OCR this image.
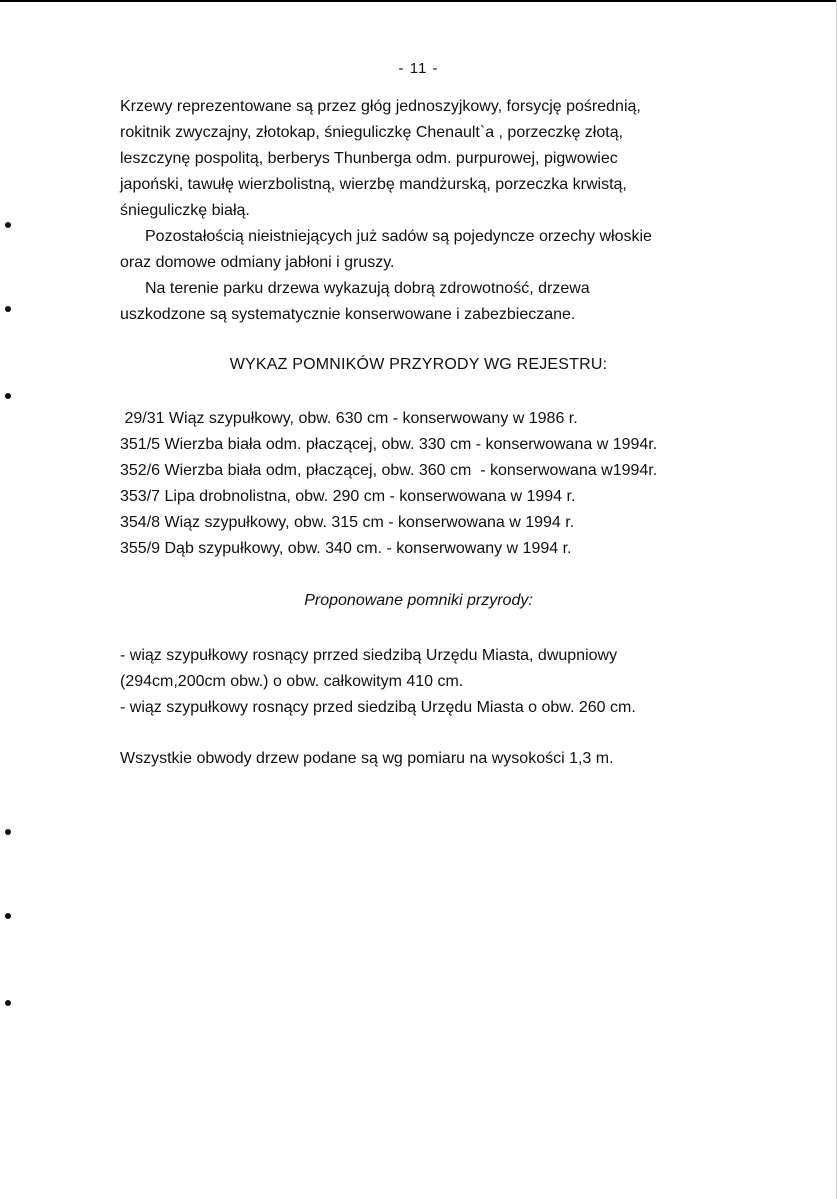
- 11 -

Krzewy reprezentowane są przez głóg jednoszyjkowy, forsycję pośrednią,
rokitnik zwyczajny, złotokap, śnieguliczkę Chenault`a , porzeczkę złotą,
leszczynę pospolitą, berberys Thunberga odm. purpurowej, pigwowiec
japoński, tawułę wierzbolistną, wierzbę mandżurską, porzeczka krwistą,
śnieguliczkę białą.

Pozostałością nieistniejących już sadów są pojedyncze orzechy włoskie
oraz domowe odmiany jabłoni i gruszy.

Na terenie parku drzewa wykazują dobrą zdrowotność, drzewa
uszkodzone są systematycznie konserwowane i zabezbieczane.

WYKAZ POMNIKÓW PRZYRODY WG REJESTRU:
29/31 Wiąz szypułkowy, obw. 630 cm - konserwowany w 1986 r.
351/5 Wierzba biała odm. płaczącej, obw. 330 cm - konserwowana w 1994r.
352/6 Wierzba biała odm, płaczącej, obw. 360 cm  - konserwowana w1994r.
353/7 Lipa drobnolistna, obw. 290 cm - konserwowana w 1994 r.
354/8 Wiąz szypułkowy, obw. 315 cm - konserwowana w 1994 r.
355/9 Dąb szypułkowy, obw. 340 cm. - konserwowany w 1994 r.
Proponowane pomniki przyrody:
- wiąz szypułkowy rosnący prrzed siedzibą Urzędu Miasta, dwupniowy
(294cm,200cm obw.) o obw. całkowitym 410 cm.
- wiąz szypułkowy rosnący przed siedzibą Urzędu Miasta o obw. 260 cm.
Wszystkie obwody drzew podane są wg pomiaru na wysokości 1,3 m.
